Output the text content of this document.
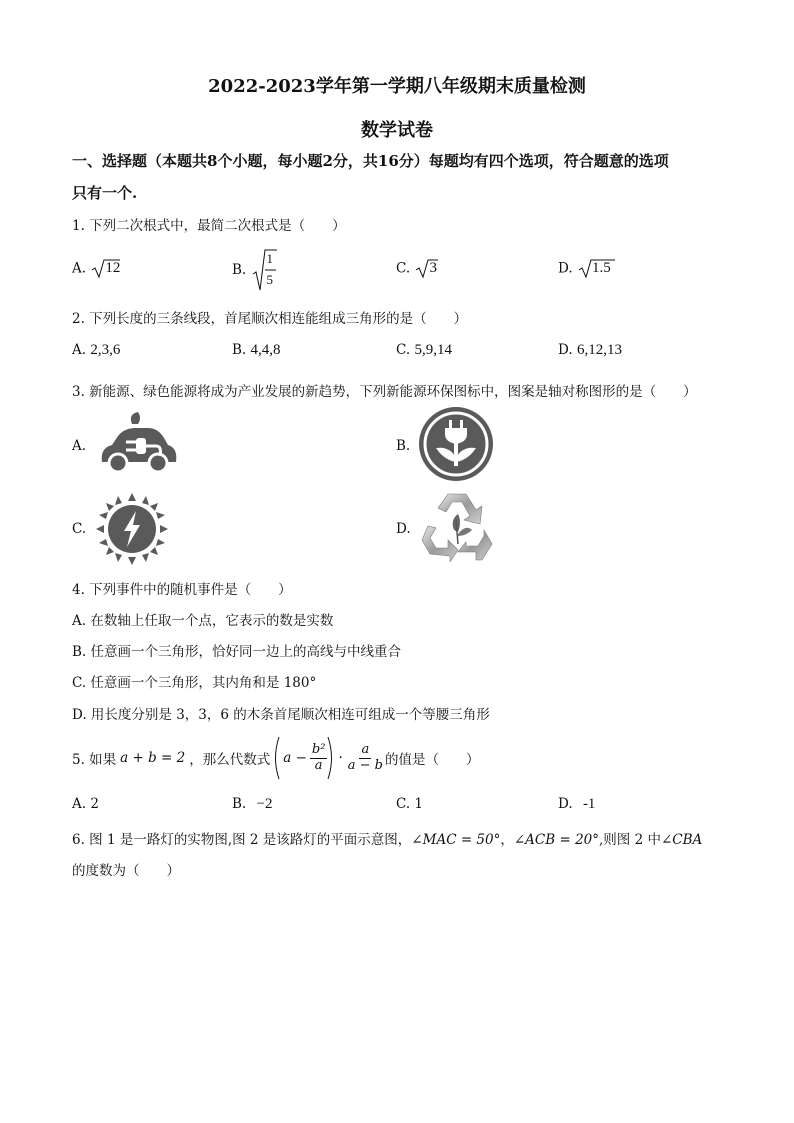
2022-2023学年第一学期八年级期末质量检测
数学试卷
一、选择题（本题共8个小题，每小题2分，共16分）每题均有四个选项，符合题意的选项
只有一个.
1. 下列二次根式中，最简二次根式是（　　）
A. 12	B.
1
5
C. 3	D. 1.5
2. 下列长度的三条线段，首尾顺次相连能组成三角形的是（　　）
A. 2,3,6	B. 4,4,8	C. 5,9,14	D. 6,12,13
3. 新能源、绿色能源将成为产业发展的新趋势，下列新能源环保图标中，图案是轴对称图形的是（　　）
A.	B.
C.	D.
4. 下列事件中的随机事件是（　　）
A. 在数轴上任取一个点，它表示的数是实数
B. 任意画一个三角形，恰好同一边上的高线与中线重合
C. 任意画一个三角形，其内角和是 180°
D. 用长度分别是 3，3，6 的木条首尾顺次相连可组成一个等腰三角形
5. 如果 a + b = 2 ，那么代数式 $a - \frac{\text{b²}}{a} \cdot \frac{a}{a - b}$ 的值是（　　）
A. 2	B. −2	C. 1	D. -1
6. 图 1 是一路灯的实物图,图 2 是该路灯的平面示意图，∠MAC = 50°，∠ACB = 20°,则图 2 中∠CBA
的度数为（　　）
